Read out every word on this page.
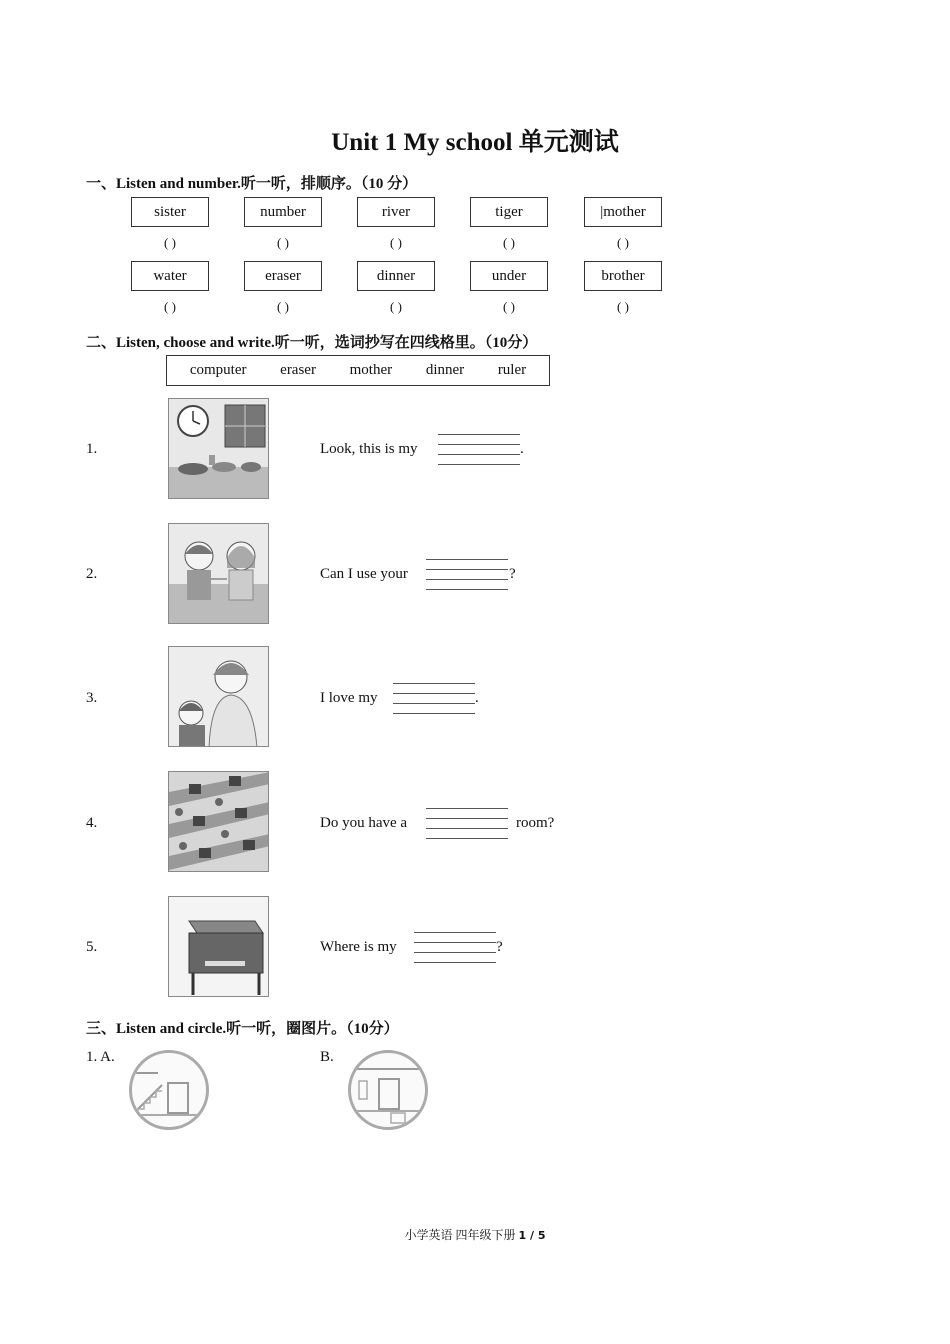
Unit 1 My school 单元测试
一、Listen and number.听一听，排顺序。（10 分）
sister	number	river	tiger	|mother
( )	( )	( )	( )	( )
water	eraser	dinner	under	brother
( )	( )	( )	( )	( )
二、Listen, choose and write.听一听，选词抄写在四线格里。（10分）
computer eraser mother dinner ruler
1.	Look, this is my	.
2.	Can I use your	?
3.	I love my	.
4.	Do you have a	room?
5.	Where is my	?
三、Listen and circle.听一听，圈图片。（10分）
1. A.	B.
小学英语 四年级下册 1 / 5
